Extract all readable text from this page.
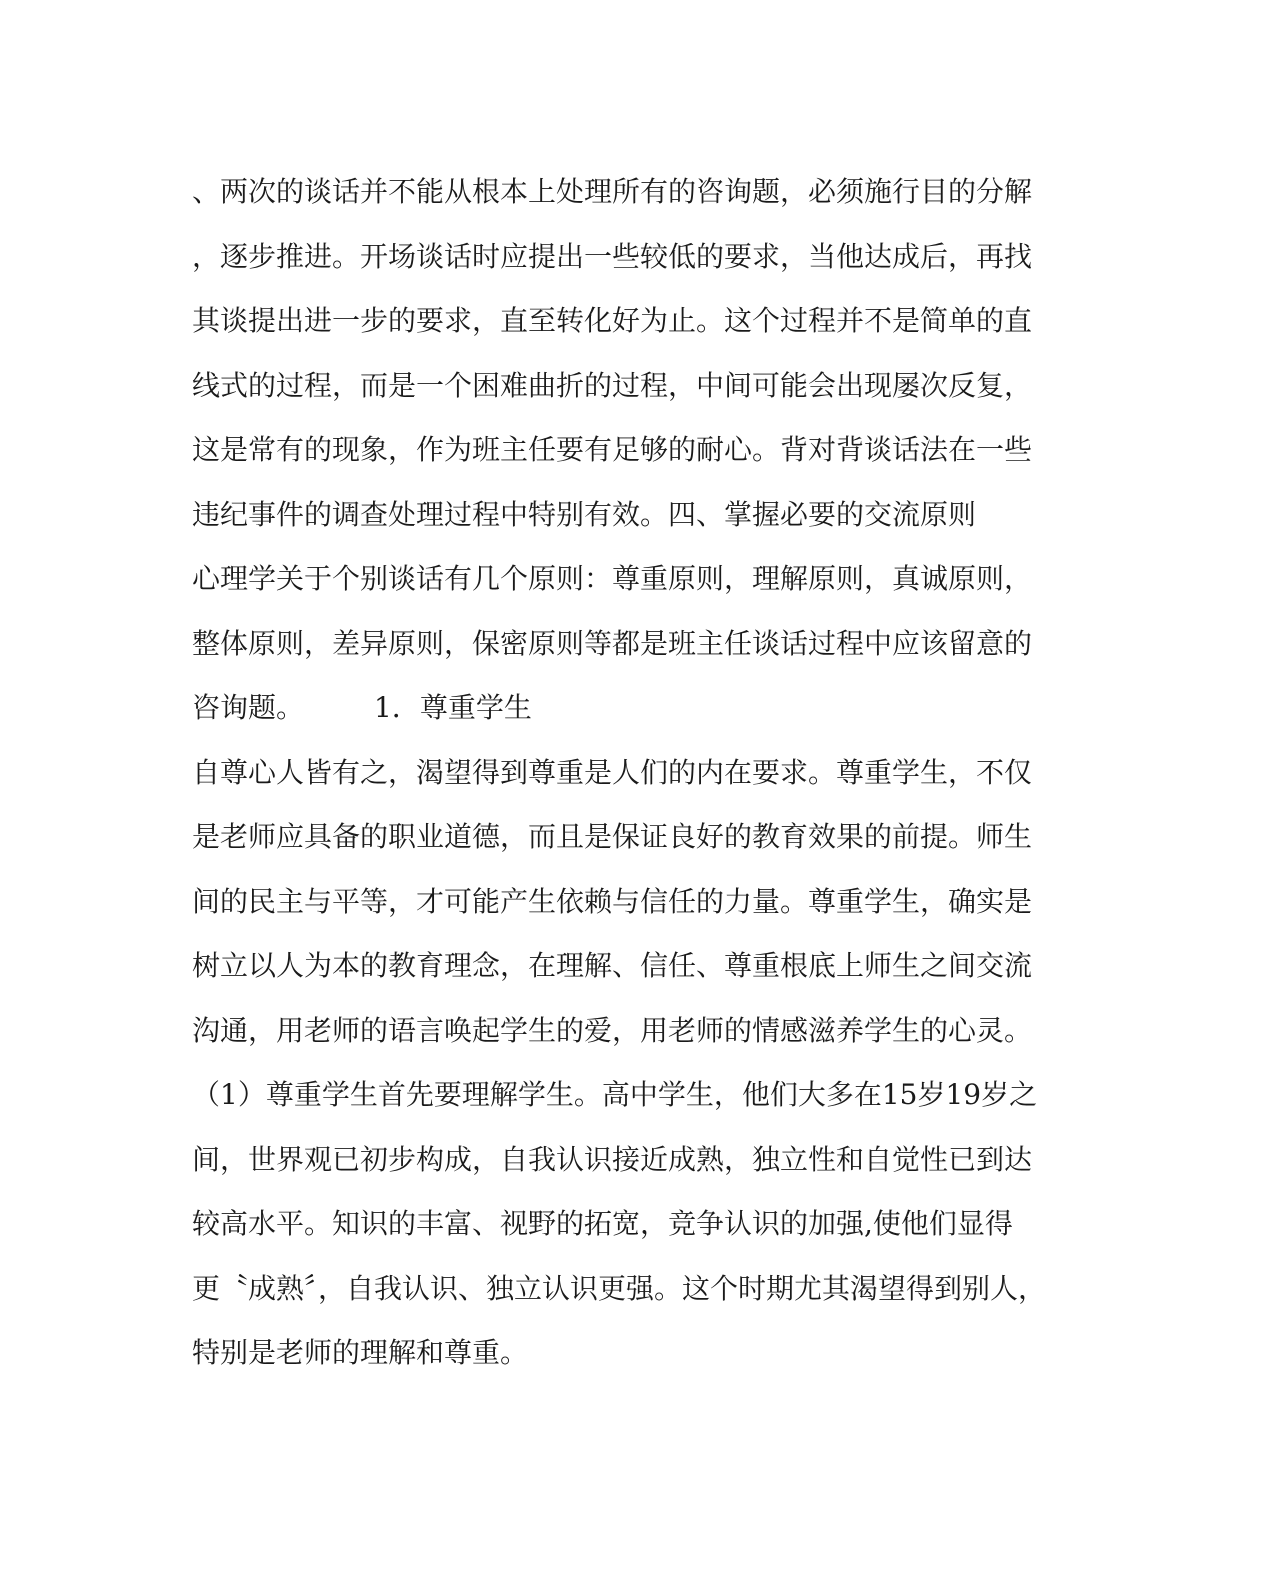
、两次的谈话并不能从根本上处理所有的咨询题，必须施行目的分解
，逐步推进。开场谈话时应提出一些较低的要求，当他达成后，再找
其谈提出进一步的要求，直至转化好为止。这个过程并不是简单的直
线式的过程，而是一个困难曲折的过程，中间可能会出现屡次反复，
这是常有的现象，作为班主任要有足够的耐心。背对背谈话法在一些
违纪事件的调查处理过程中特别有效。四、掌握必要的交流原则
心理学关于个别谈话有几个原则：尊重原则，理解原则，真诚原则，
整体原则，差异原则，保密原则等都是班主任谈话过程中应该留意的
咨询题。　　　1．尊重学生
自尊心人皆有之，渴望得到尊重是人们的内在要求。尊重学生，不仅
是老师应具备的职业道德，而且是保证良好的教育效果的前提。师生
间的民主与平等，才可能产生依赖与信任的力量。尊重学生，确实是
树立以人为本的教育理念，在理解、信任、尊重根底上师生之间交流
沟通，用老师的语言唤起学生的爱，用老师的情感滋养学生的心灵。
（1）尊重学生首先要理解学生。高中学生，他们大多在15岁19岁之
间，世界观已初步构成，自我认识接近成熟，独立性和自觉性已到达
较高水平。知识的丰富、视野的拓宽，竞争认识的加强,使他们显得
更〝成熟〞，自我认识、独立认识更强。这个时期尤其渴望得到别人，
特别是老师的理解和尊重。
